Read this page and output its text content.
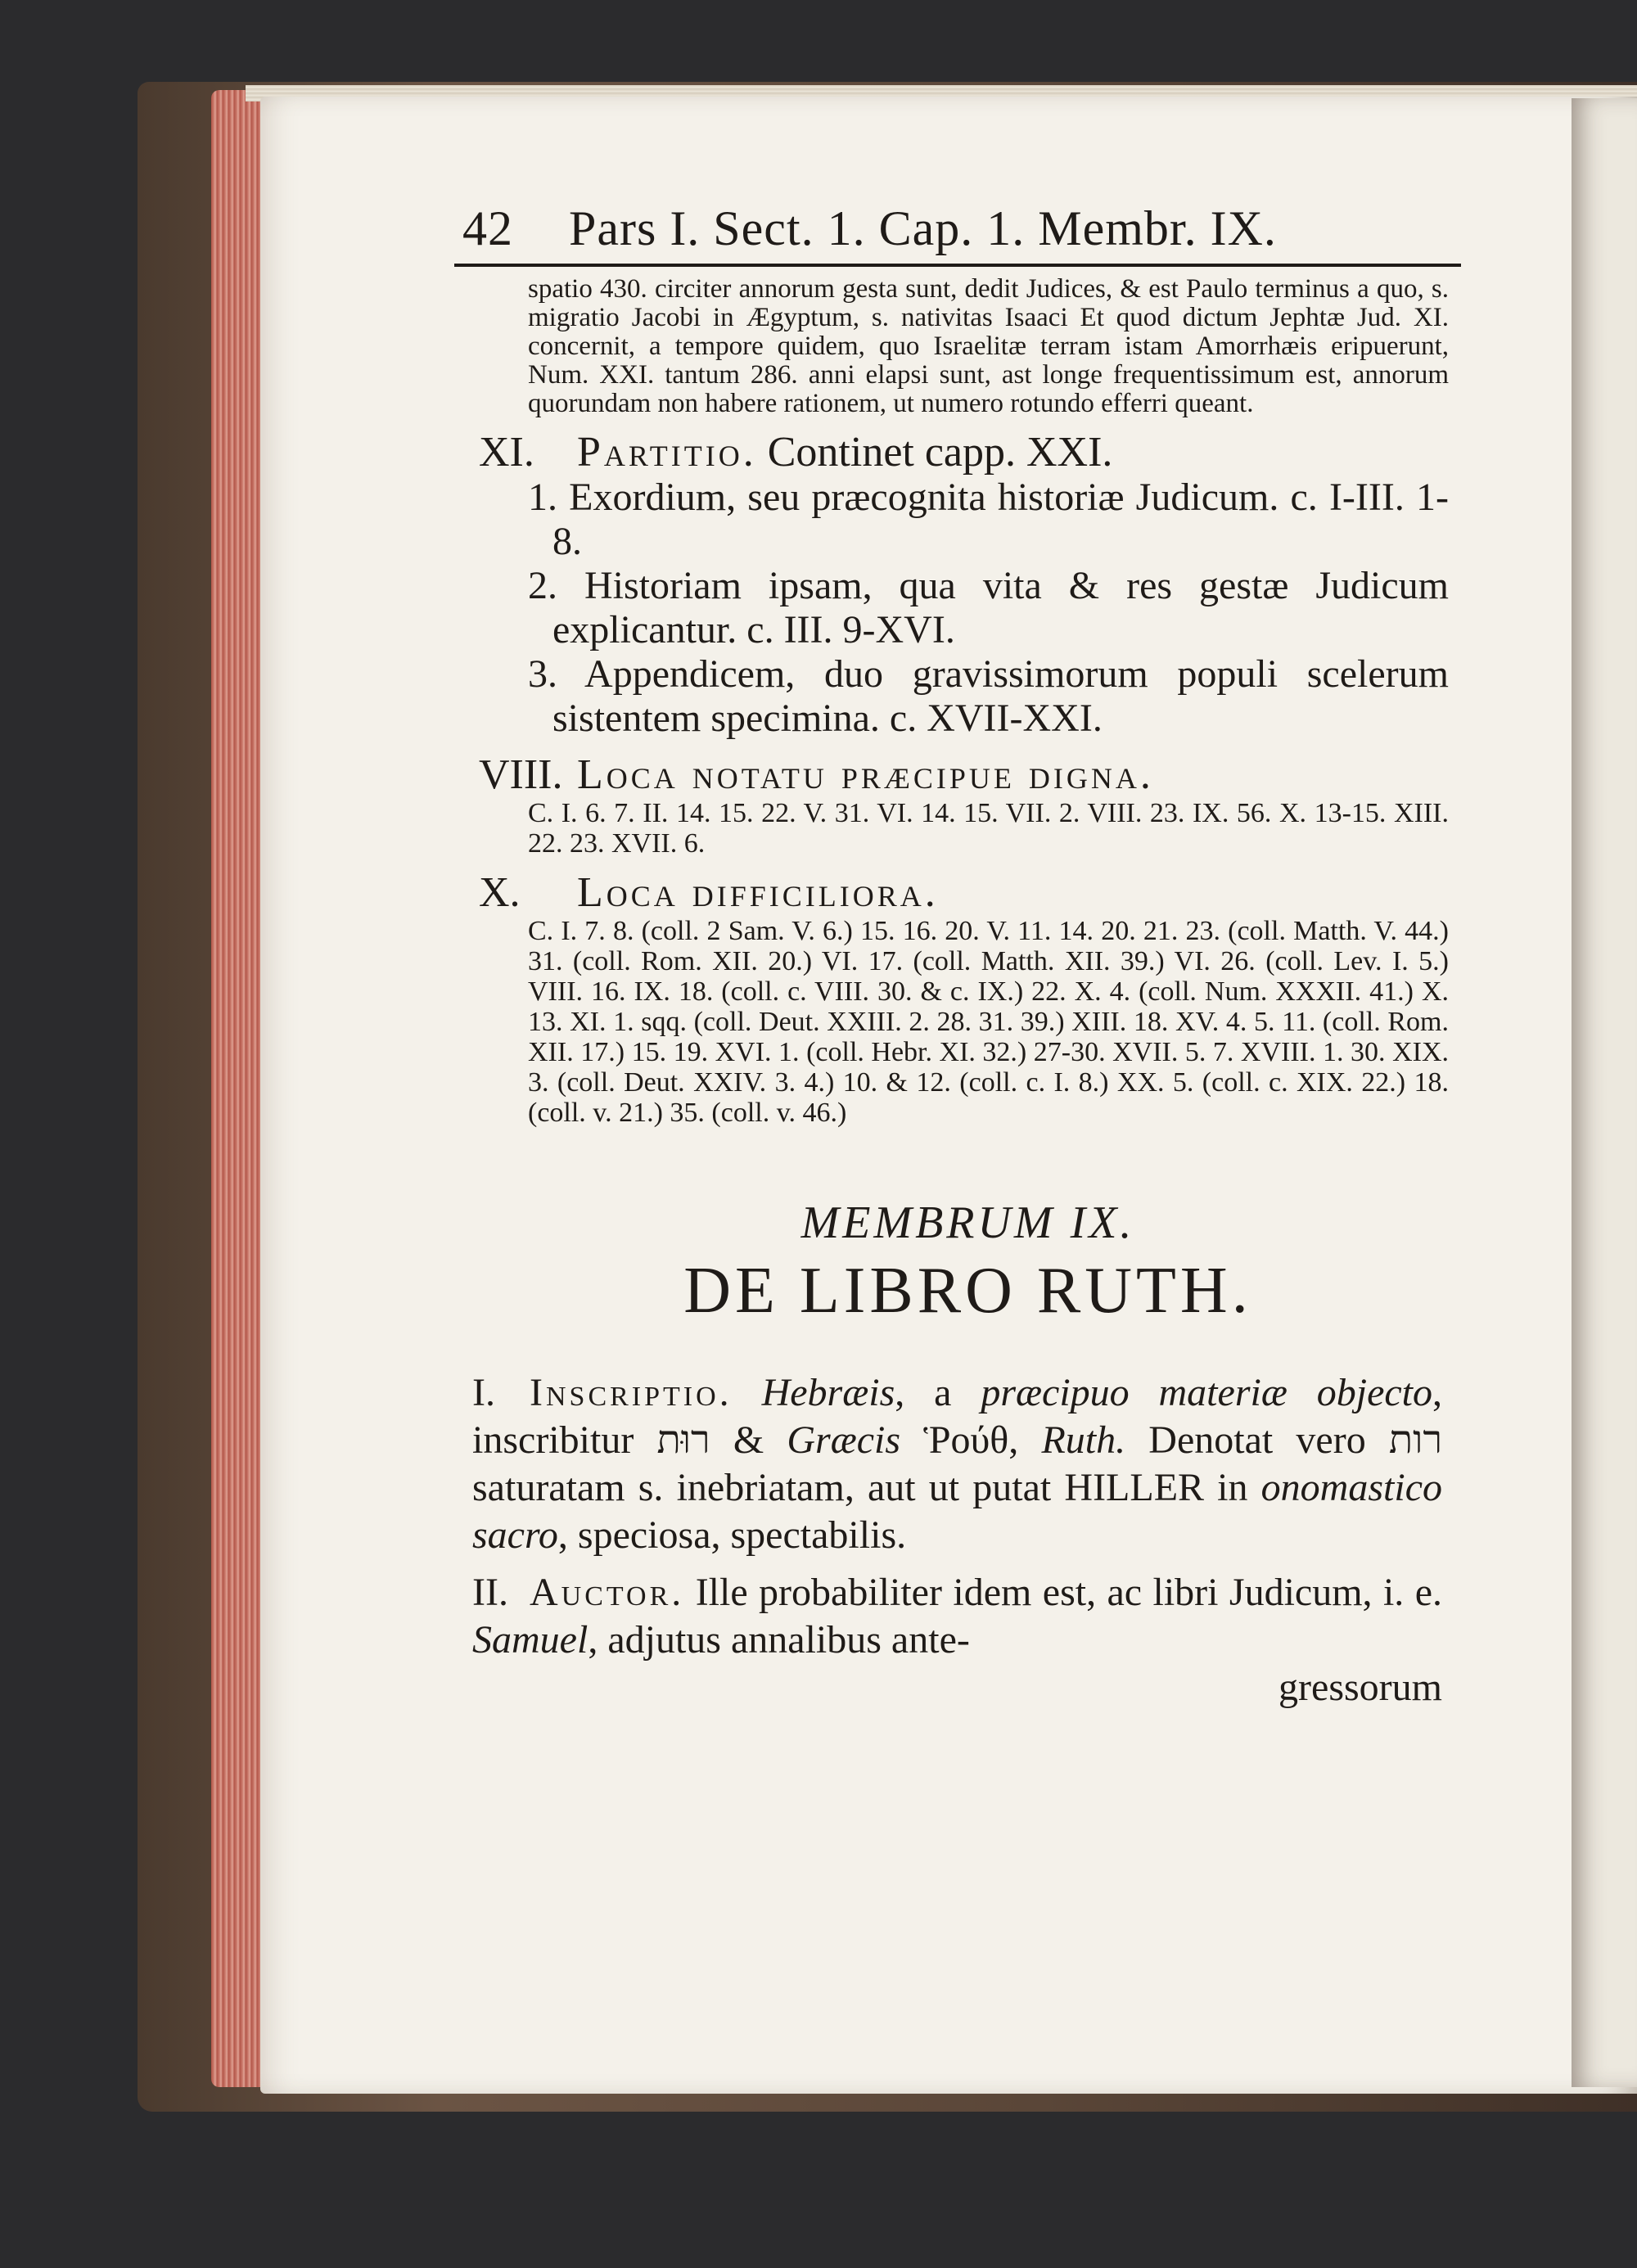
42	Pars I. Sect. 1. Cap. 1. Membr. IX.

spatio 430. circiter annorum gesta sunt, dedit Judices, & est Paulo terminus a quo, s. migratio Jacobi in Ægyptum, s. nativitas Isaaci Et quod dictum Jephtæ Jud. XI. concernit, a tempore quidem, quo Israelitæ terram istam Amorrhæis eripuerunt, Num. XXI. tantum 286. anni elapsi sunt, ast longe frequentissimum est, annorum quorundam non habere rationem, ut numero rotundo efferri queant.

XI. Partitio. Continet capp. XXI.
1. Exordium, seu præcognita historiæ Judicum. c. I-III. 1-8.
2. Historiam ipsam, qua vita & res gestæ Judicum explicantur. c. III. 9-XVI.
3. Appendicem, duo gravissimorum populi scelerum sistentem specimina. c. XVII-XXI.
VIII. Loca notatu præcipue digna.
C. I. 6. 7. II. 14. 15. 22. V. 31. VI. 14. 15. VII. 2. VIII. 23. IX. 56. X. 13-15. XIII. 22. 23. XVII. 6.
X. Loca difficiliora.
C. I. 7. 8. (coll. 2 Sam. V. 6.) 15. 16. 20. V. 11. 14. 20. 21. 23. (coll. Matth. V. 44.) 31. (coll. Rom. XII. 20.) VI. 17. (coll. Matth. XII. 39.) VI. 26. (coll. Lev. I. 5.) VIII. 16. IX. 18. (coll. c. VIII. 30. & c. IX.) 22. X. 4. (coll. Num. XXXII. 41.) X. 13. XI. 1. sqq. (coll. Deut. XXIII. 2. 28. 31. 39.) XIII. 18. XV. 4. 5. 11. (coll. Rom. XII. 17.) 15. 19. XVI. 1. (coll. Hebr. XI. 32.) 27-30. XVII. 5. 7. XVIII. 1. 30. XIX. 3. (coll. Deut. XXIV. 3. 4.) 10. & 12. (coll. c. I. 8.) XX. 5. (coll. c. XIX. 22.) 18. (coll. v. 21.) 35. (coll. v. 46.)
MEMBRUM IX.
DE LIBRO RUTH.
I. Inscriptio. Hebræis, a præcipuo materiæ objecto, inscribitur רוּת & Græcis Ῥούθ, Ruth. Denotat vero רות saturatam s. inebriatam, aut ut putat HILLER in onomastico sacro, speciosa, spectabilis.
II. Auctor. Ille probabiliter idem est, ac libri Judicum, i. e. Samuel, adjutus annalibus ante-
gressorum
